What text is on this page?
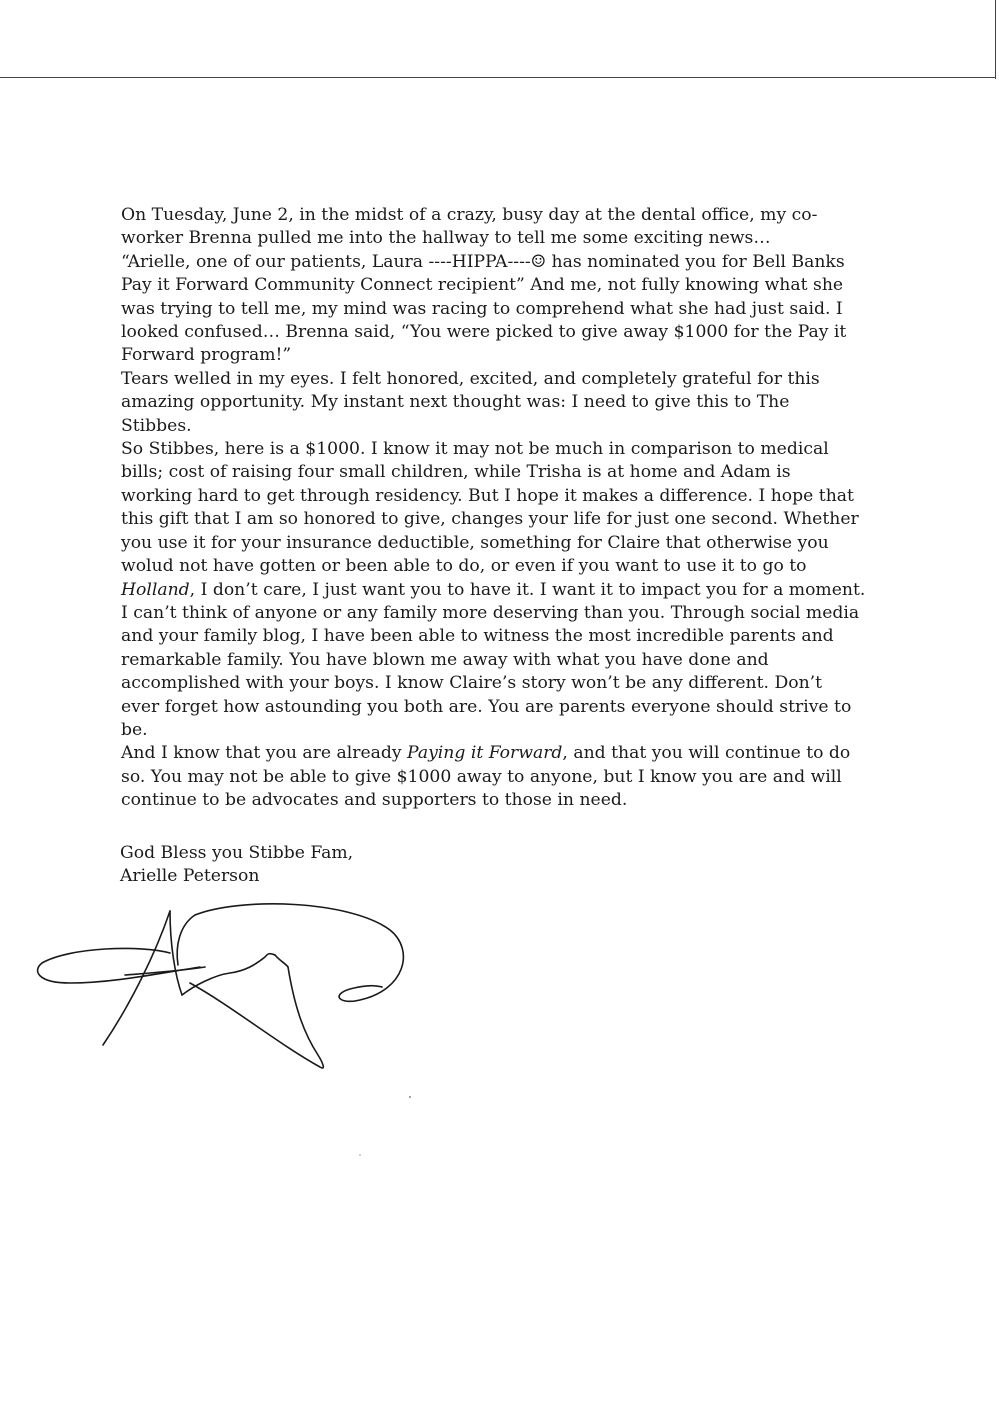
On Tuesday, June 2, in the midst of a crazy, busy day at the dental office, my co-
worker Brenna pulled me into the hallway to tell me some exciting news…
“Arielle, one of our patients, Laura ----HIPPA----☺ has nominated you for Bell Banks
Pay it Forward Community Connect recipient” And me, not fully knowing what she
was trying to tell me, my mind was racing to comprehend what she had just said. I
looked confused… Brenna said, “You were picked to give away $1000 for the Pay it
Forward program!”

Tears welled in my eyes. I felt honored, excited, and completely grateful for this
amazing opportunity. My instant next thought was: I need to give this to The
Stibbes.

So Stibbes, here is a $1000. I know it may not be much in comparison to medical
bills; cost of raising four small children, while Trisha is at home and Adam is
working hard to get through residency. But I hope it makes a difference. I hope that
this gift that I am so honored to give, changes your life for just one second. Whether
you use it for your insurance deductible, something for Claire that otherwise you
wolud not have gotten or been able to do, or even if you want to use it to go to
Holland, I don’t care, I just want you to have it. I want it to impact you for a moment.
I can’t think of anyone or any family more deserving than you. Through social media
and your family blog, I have been able to witness the most incredible parents and
remarkable family. You have blown me away with what you have done and
accomplished with your boys. I know Claire’s story won’t be any different. Don’t
ever forget how astounding you both are. You are parents everyone should strive to
be.

And I know that you are already Paying it Forward, and that you will continue to do
so. You may not be able to give $1000 away to anyone, but I know you are and will
continue to be advocates and supporters to those in need.

God Bless you Stibbe Fam,
Arielle Peterson
